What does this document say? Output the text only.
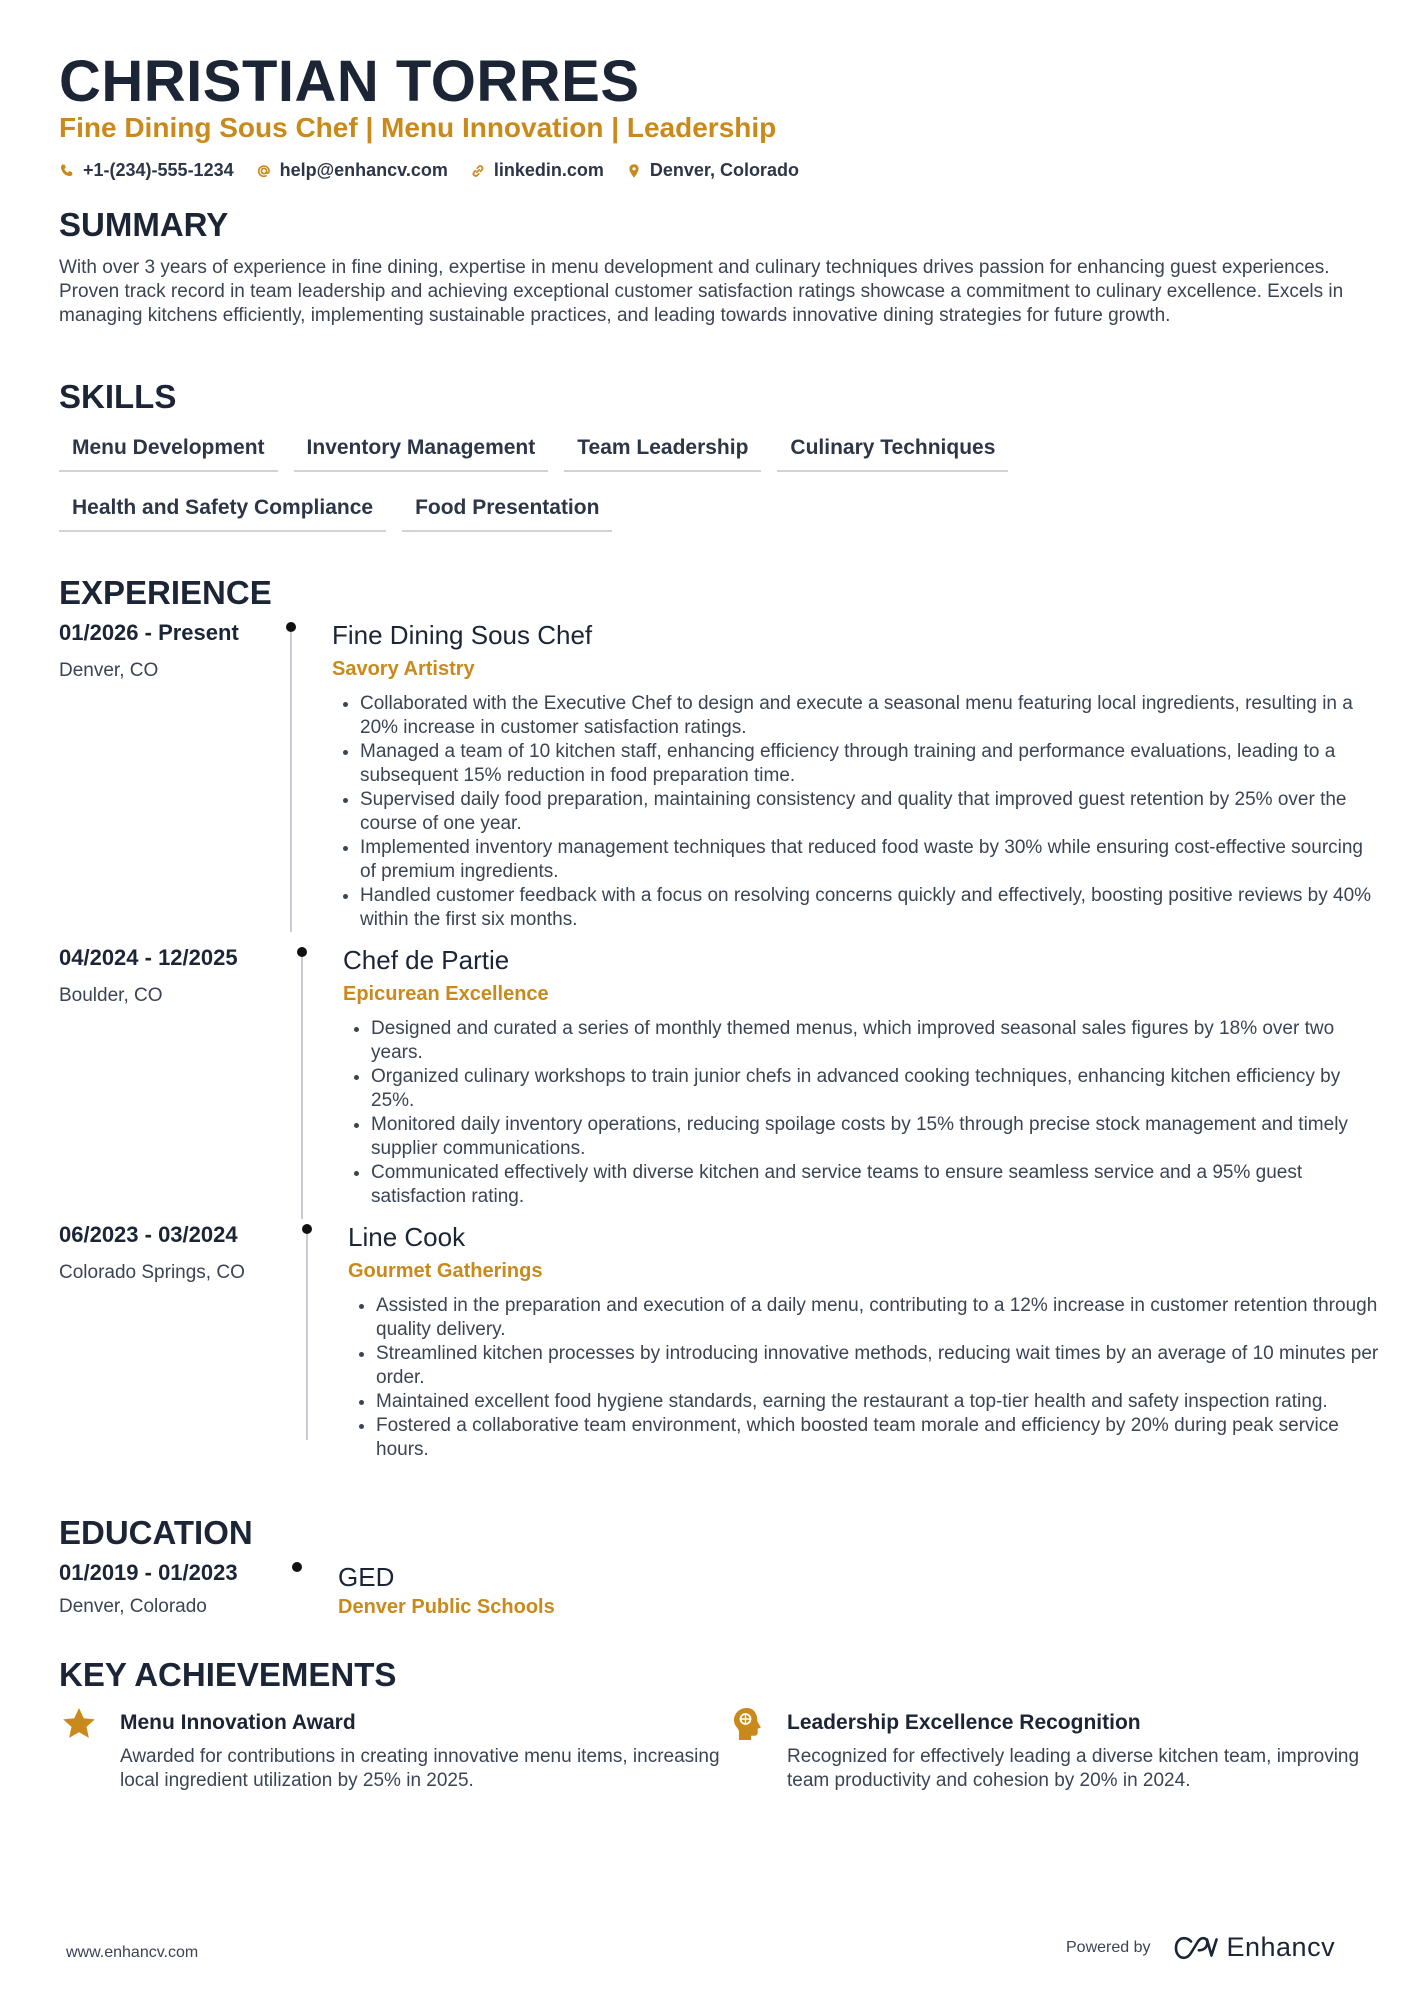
CHRISTIAN TORRES
Fine Dining Sous Chef | Menu Innovation | Leadership
+1-(234)-555-1234	help@enhancv.com	linkedin.com	Denver, Colorado
SUMMARY
With over 3 years of experience in fine dining, expertise in menu development and culinary techniques drives passion for enhancing guest experiences. Proven track record in team leadership and achieving exceptional customer satisfaction ratings showcase a commitment to culinary excellence. Excels in managing kitchens efficiently, implementing sustainable practices, and leading towards innovative dining strategies for future growth.
SKILLS
Menu Development	Inventory Management	Team Leadership	Culinary Techniques
Health and Safety Compliance	Food Presentation
EXPERIENCE
01/2026 - Present
Denver, CO
Fine Dining Sous Chef
Savory Artistry
• Collaborated with the Executive Chef to design and execute a seasonal menu featuring local ingredients, resulting in a 20% increase in customer satisfaction ratings.
• Managed a team of 10 kitchen staff, enhancing efficiency through training and performance evaluations, leading to a subsequent 15% reduction in food preparation time.
• Supervised daily food preparation, maintaining consistency and quality that improved guest retention by 25% over the course of one year.
• Implemented inventory management techniques that reduced food waste by 30% while ensuring cost-effective sourcing of premium ingredients.
• Handled customer feedback with a focus on resolving concerns quickly and effectively, boosting positive reviews by 40% within the first six months.
04/2024 - 12/2025
Boulder, CO
Chef de Partie
Epicurean Excellence
• Designed and curated a series of monthly themed menus, which improved seasonal sales figures by 18% over two years.
• Organized culinary workshops to train junior chefs in advanced cooking techniques, enhancing kitchen efficiency by 25%.
• Monitored daily inventory operations, reducing spoilage costs by 15% through precise stock management and timely supplier communications.
• Communicated effectively with diverse kitchen and service teams to ensure seamless service and a 95% guest satisfaction rating.
06/2023 - 03/2024
Colorado Springs, CO
Line Cook
Gourmet Gatherings
• Assisted in the preparation and execution of a daily menu, contributing to a 12% increase in customer retention through quality delivery.
• Streamlined kitchen processes by introducing innovative methods, reducing wait times by an average of 10 minutes per order.
• Maintained excellent food hygiene standards, earning the restaurant a top-tier health and safety inspection rating.
• Fostered a collaborative team environment, which boosted team morale and efficiency by 20% during peak service hours.
EDUCATION
01/2019 - 01/2023
Denver, Colorado
GED
Denver Public Schools
KEY ACHIEVEMENTS
Menu Innovation Award
Awarded for contributions in creating innovative menu items, increasing local ingredient utilization by 25% in 2025.
Leadership Excellence Recognition
Recognized for effectively leading a diverse kitchen team, improving team productivity and cohesion by 20% in 2024.
www.enhancv.com	Powered by	Enhancv
